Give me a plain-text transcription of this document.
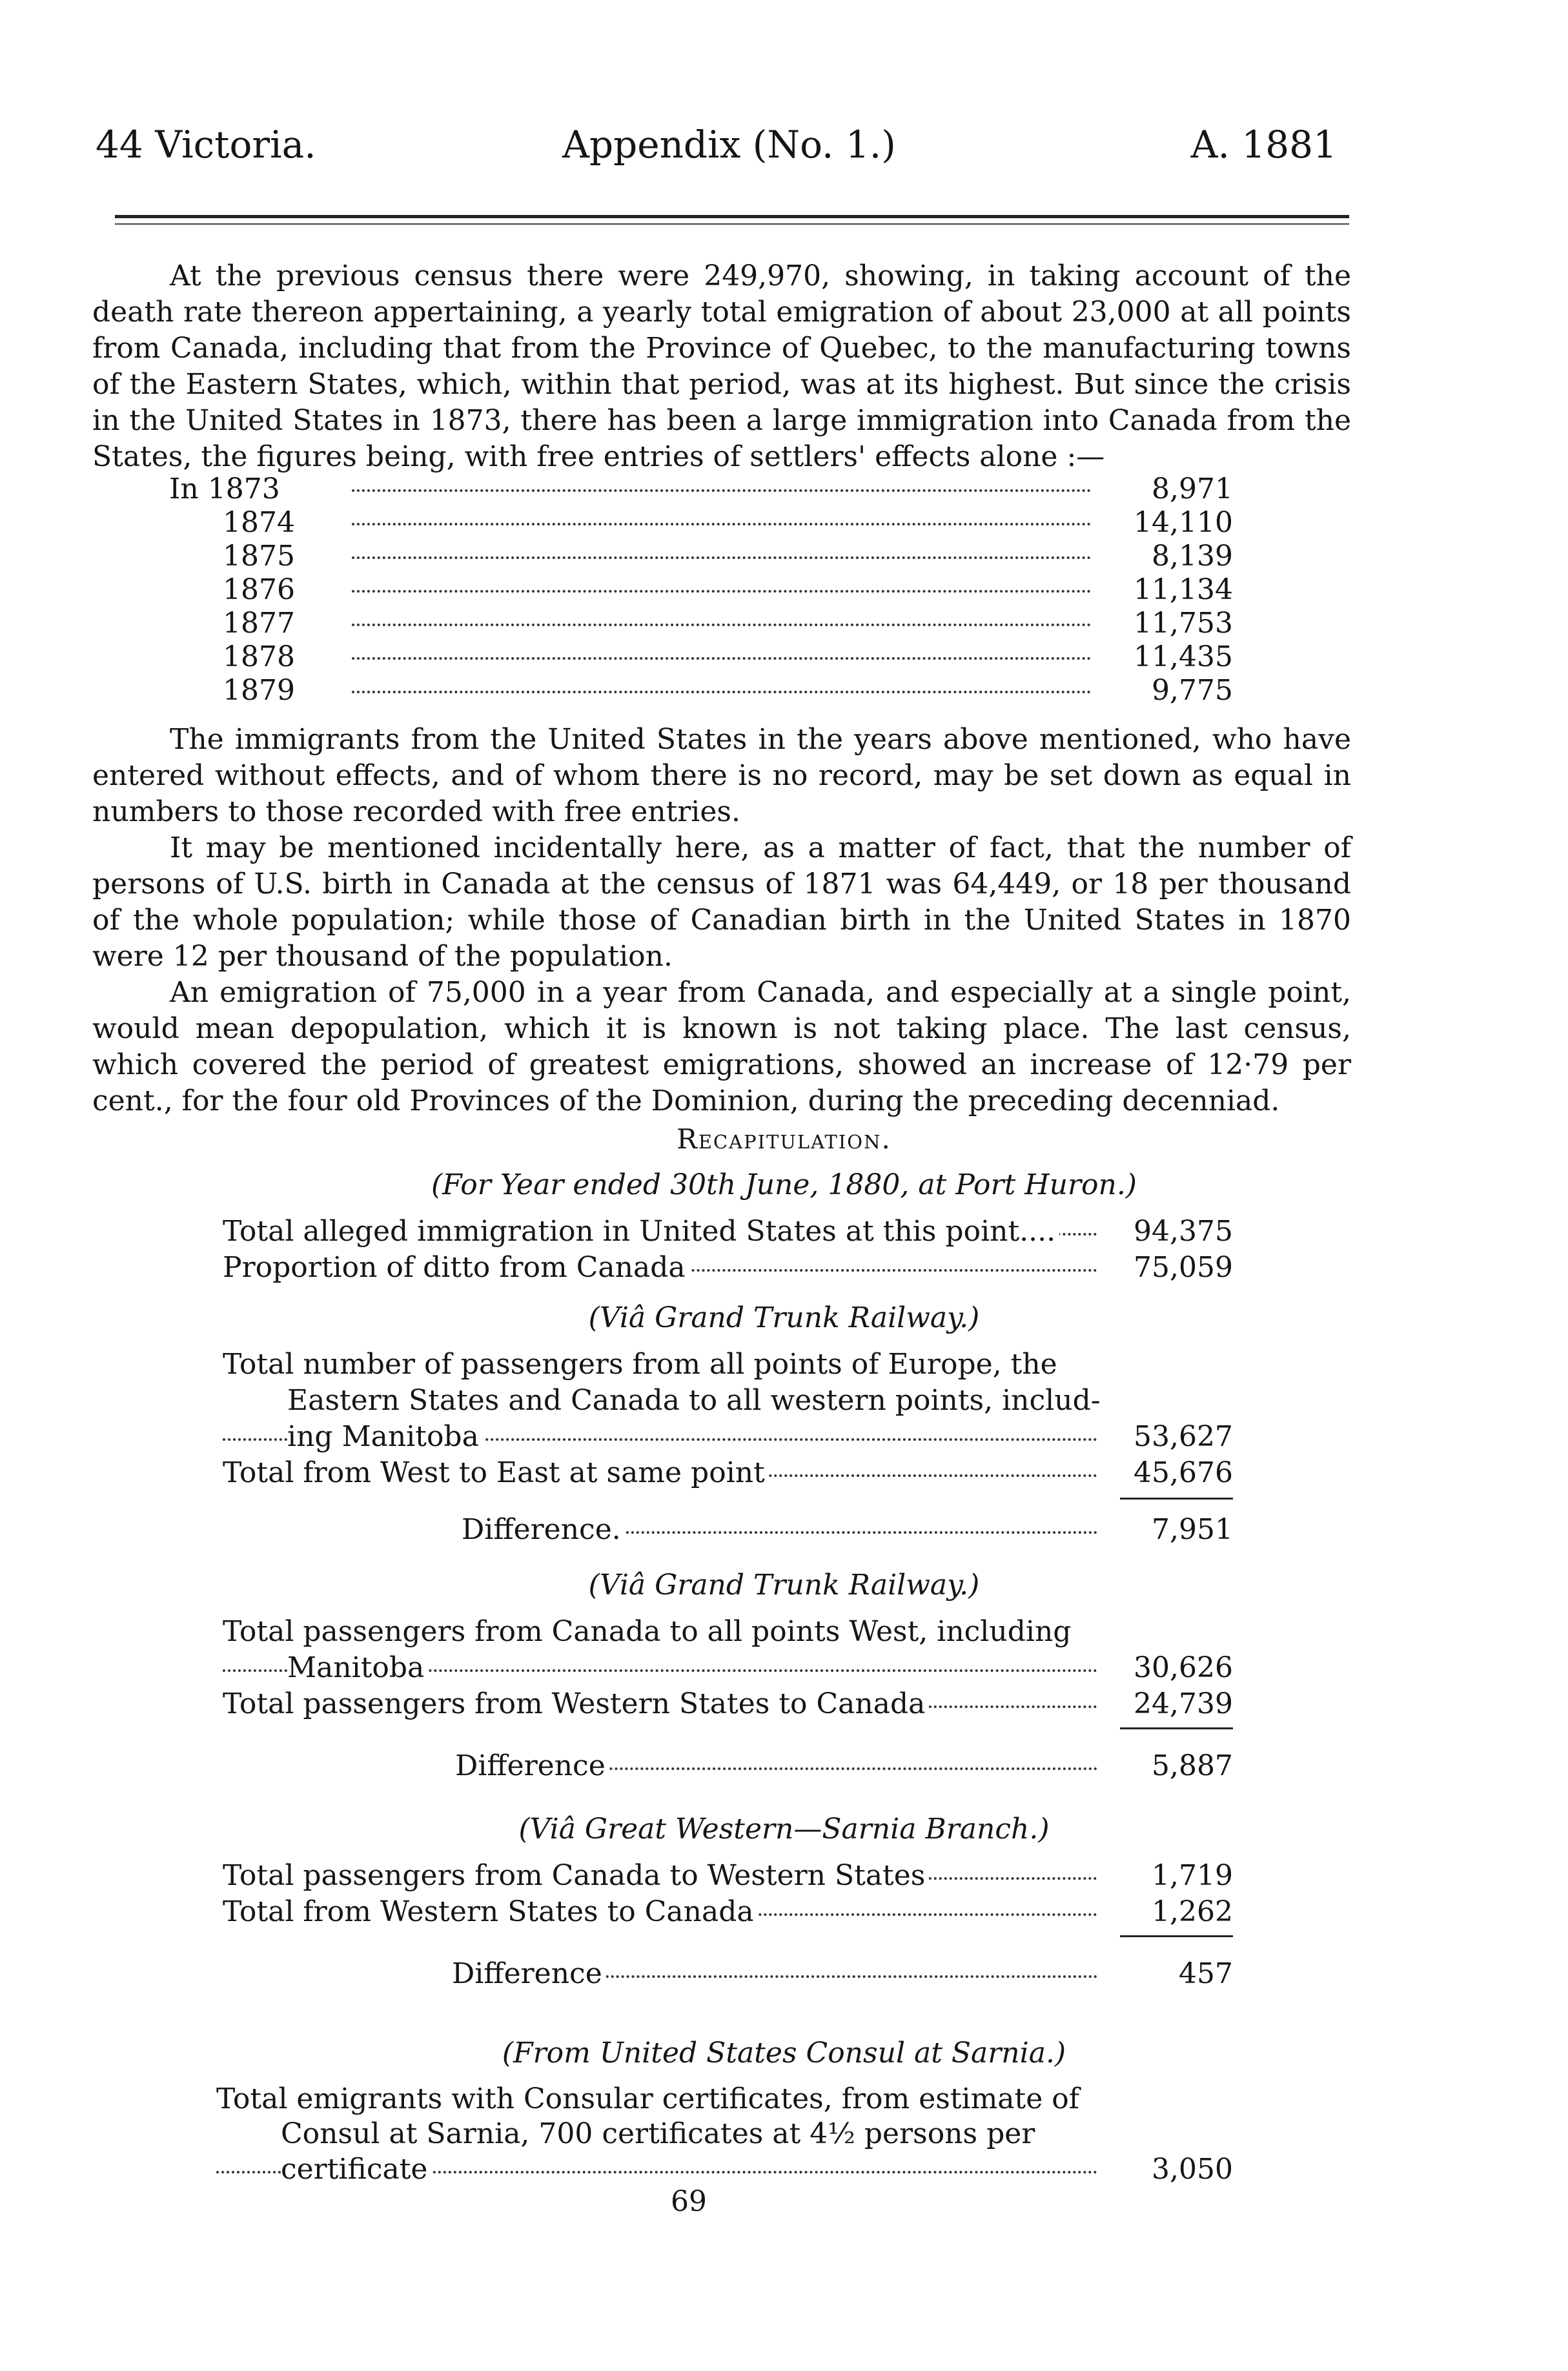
44 Victoria.	Appendix (No. 1.)	A. 1881

At the previous census there were 249,970, showing, in taking account of the death rate thereon appertaining, a yearly total emigration of about 23,000 at all points from Canada, including that from the Province of Quebec, to the manufacturing towns of the Eastern States, which, within that period, was at its highest. But since the crisis in the United States in 1873, there has been a large immigration into Canada from the States, the figures being, with free entries of settlers' effects alone :—

In 1873	8,971
1874	14,110
1875	8,139
1876	11,134
1877	11,753
1878	11,435
1879	9,775

The immigrants from the United States in the years above mentioned, who have entered without effects, and of whom there is no record, may be set down as equal in numbers to those recorded with free entries.

It may be mentioned incidentally here, as a matter of fact, that the number of persons of U.S. birth in Canada at the census of 1871 was 64,449, or 18 per thousand of the whole population; while those of Canadian birth in the United States in 1870 were 12 per thousand of the population.

An emigration of 75,000 in a year from Canada, and especially at a single point, would mean depopulation, which it is known is not taking place. The last census, which covered the period of greatest emigrations, showed an increase of 12·79 per cent., for the four old Provinces of the Dominion, during the preceding decenniad.

Recapitulation.
(For Year ended 30th June, 1880, at Port Huron.)
Total alleged immigration in United States at this point....	94,375
Proportion of ditto from Canada	75,059
(Viâ Grand Trunk Railway.)
Total number of passengers from all points of Europe, the
Eastern States and Canada to all western points, includ-
ing Manitoba	53,627
Total from West to East at same point	45,676
Difference.	7,951
(Viâ Grand Trunk Railway.)
Total passengers from Canada to all points West, including
Manitoba	30,626
Total passengers from Western States to Canada	24,739
Difference	5,887
(Viâ Great Western—Sarnia Branch.)
Total passengers from Canada to Western States	1,719
Total from Western States to Canada	1,262
Difference	457
(From United States Consul at Sarnia.)
Total emigrants with Consular certificates, from estimate of
Consul at Sarnia, 700 certificates at 4½ persons per
certificate	3,050
69
